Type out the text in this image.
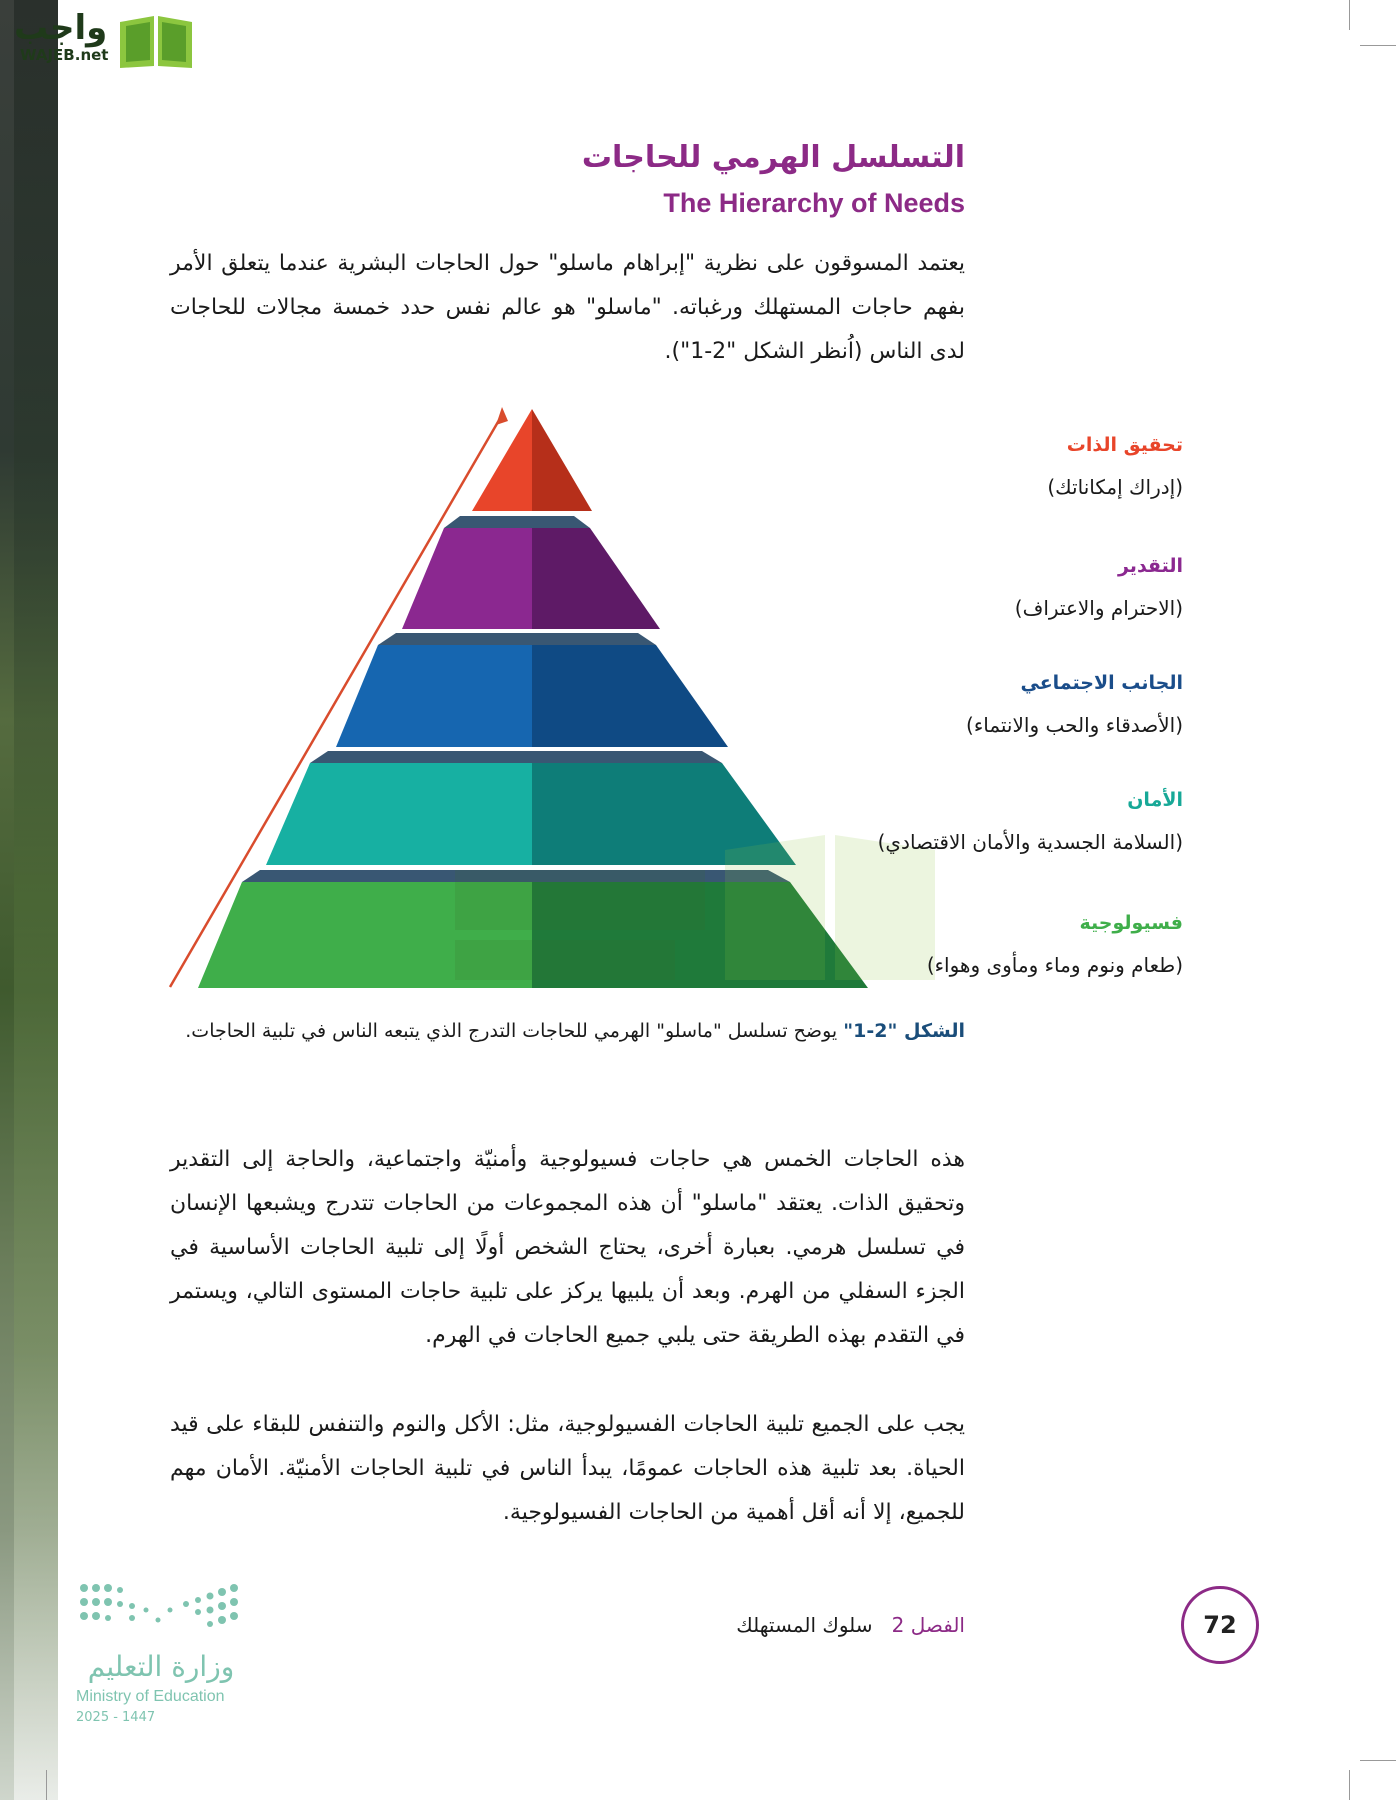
واجب
WAJEB.net
التسلسل الهرمي للحاجات
The Hierarchy of Needs

يعتمد المسوقون على نظرية "إبراهام ماسلو" حول الحاجات البشرية عندما يتعلق الأمر بفهم حاجات المستهلك ورغباته. "ماسلو" هو عالم نفس حدد خمسة مجالات للحاجات لدى الناس (اُنظر الشكل "2-1").

تحقيق الذات
(إدراك إمكاناتك)
التقدير
(الاحترام والاعتراف)
الجانب الاجتماعي
(الأصدقاء والحب والانتماء)
الأمان
(السلامة الجسدية والأمان الاقتصادي)
فسيولوجية
(طعام ونوم وماء ومأوى وهواء)

الشكل "2-1" يوضح تسلسل "ماسلو" الهرمي للحاجات التدرج الذي يتبعه الناس في تلبية الحاجات.

هذه الحاجات الخمس هي حاجات فسيولوجية وأمنيّة واجتماعية، والحاجة إلى التقدير وتحقيق الذات. يعتقد "ماسلو" أن هذه المجموعات من الحاجات تتدرج ويشبعها الإنسان في تسلسل هرمي. بعبارة أخرى، يحتاج الشخص أولًا إلى تلبية الحاجات الأساسية في الجزء السفلي من الهرم. وبعد أن يلبيها يركز على تلبية حاجات المستوى التالي، ويستمر في التقدم بهذه الطريقة حتى يلبي جميع الحاجات في الهرم.

يجب على الجميع تلبية الحاجات الفسيولوجية، مثل: الأكل والنوم والتنفس للبقاء على قيد الحياة. بعد تلبية هذه الحاجات عمومًا، يبدأ الناس في تلبية الحاجات الأمنيّة. الأمان مهم للجميع، إلا أنه أقل أهمية من الحاجات الفسيولوجية.

الفصل 2   سلوك المستهلك	72
وزارة التعليم
Ministry of Education
2025 - 1447
